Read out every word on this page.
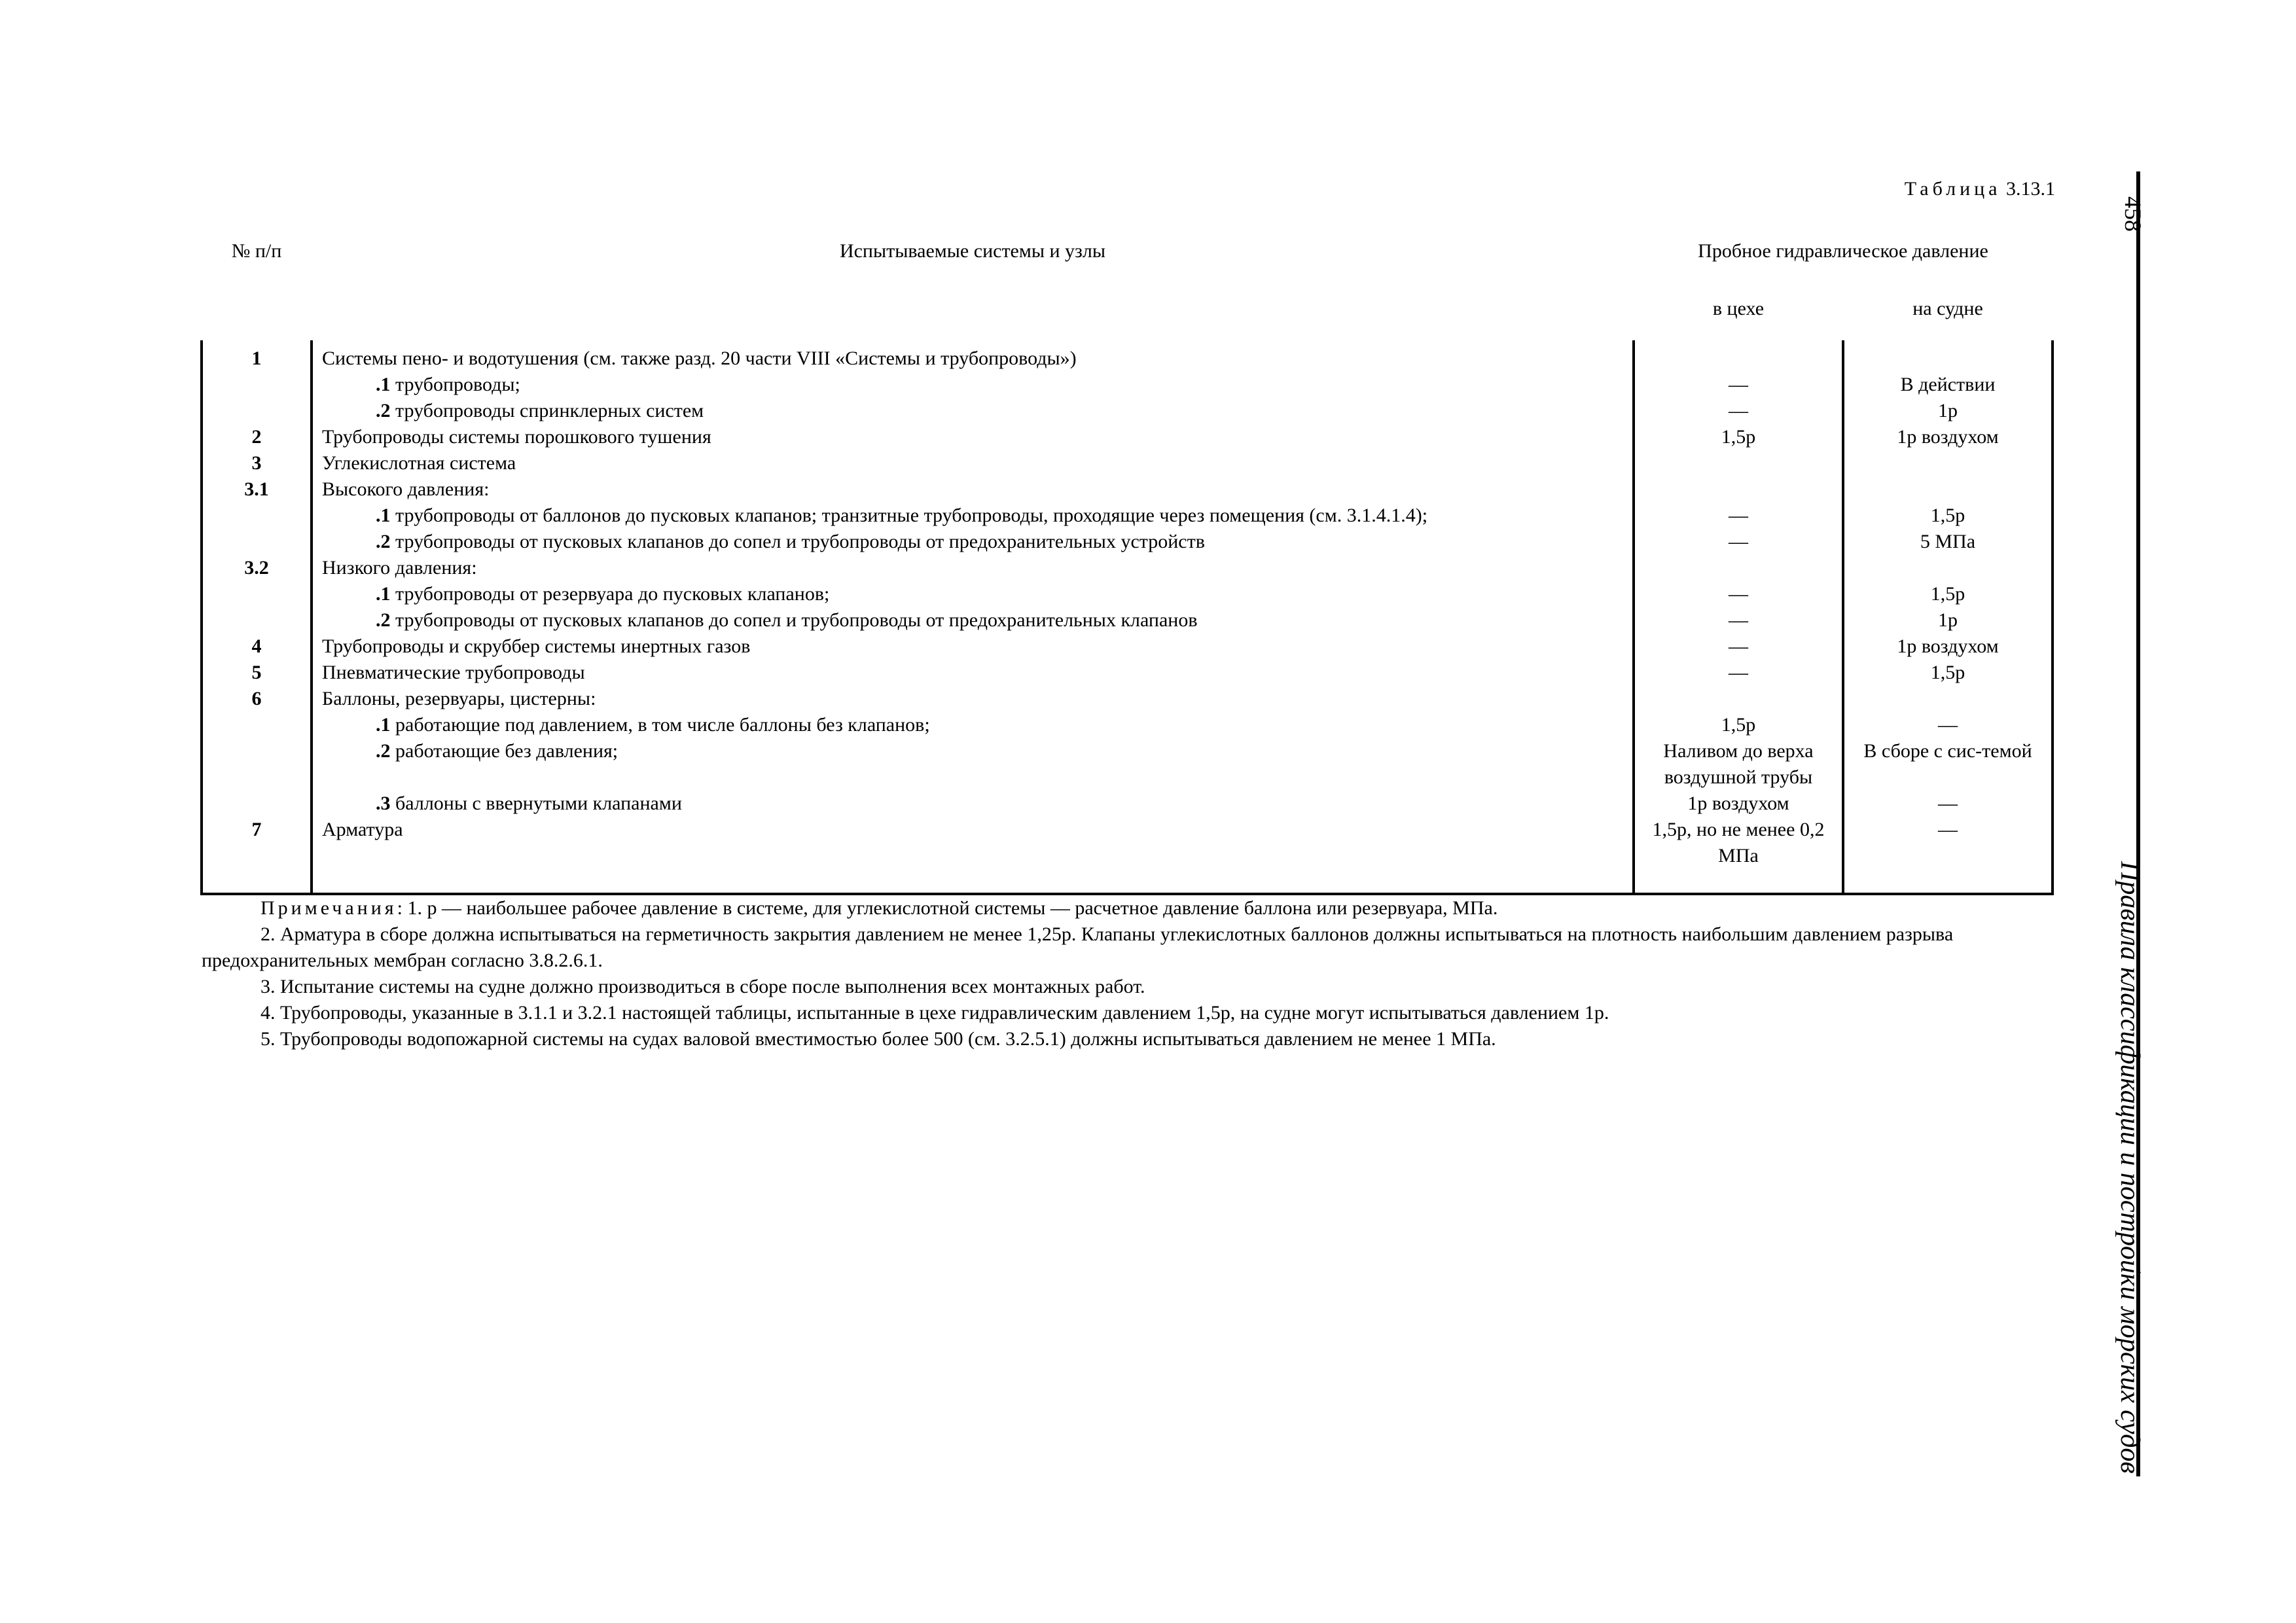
Таблица 3.13.1
№ п/п	Испытываемые системы и узлы	Пробное гидравлическое давление	
		в цехе	на судне
1	Системы пено- и водотушения (см. также разд. 20 части VIII «Системы и трубопроводы»)		

	.1 трубопроводы;	—	В действии

	.2 трубопроводы спринклерных систем	—	1p
2	Трубопроводы системы порошкового тушения	1,5p	1p воздухом
3	Углекислотная система		
3.1	Высокого давления:		

	.1 трубопроводы от баллонов до пусковых клапанов; транзитные трубопроводы, проходящие через помещения (см. 3.1.4.1.4);	—	1,5p

	.2 трубопроводы от пусковых клапанов до сопел и трубопроводы от предохранительных устройств	—	5 МПа
3.2	Низкого давления:		

	.1 трубопроводы от резервуара до пусковых клапанов;	—	1,5p

	.2 трубопроводы от пусковых клапанов до сопел и трубопроводы от предохранительных клапанов	—	1p
4	Трубопроводы и скруббер системы инертных газов	—	1p воздухом
5	Пневматические трубопроводы	—	1,5p
6	Баллоны, резервуары, цистерны:		

	.1 работающие под давлением, в том числе баллоны без клапанов;	1,5p	—

	.2 работающие без давления;	Наливом до верха воздушной трубы	В сборе с сис-темой

	.3 баллоны с ввернутыми клапанами	1p воздухом	—
7	Арматура	1,5p, но не менее 0,2 МПа	—

Примечания: 1. p — наибольшее рабочее давление в системе, для углекислотной системы — расчетное давление баллона или резервуара, МПа.
2. Арматура в сборе должна испытываться на герметичность закрытия давлением не менее 1,25p. Клапаны углекислотных баллонов должны испытываться на плотность наибольшим давлением разрыва предохранительных мембран согласно 3.8.2.6.1.
3. Испытание системы на судне должно производиться в сборе после выполнения всех монтажных работ.
4. Трубопроводы, указанные в 3.1.1 и 3.2.1 настоящей таблицы, испытанные в цехе гидравлическим давлением 1,5p, на судне могут испытываться давлением 1p.
5. Трубопроводы водопожарной системы на судах валовой вместимостью более 500 (см. 3.2.5.1) должны испытываться давлением не менее 1 МПа.			
458
Правила классификации и постройки морских судов
